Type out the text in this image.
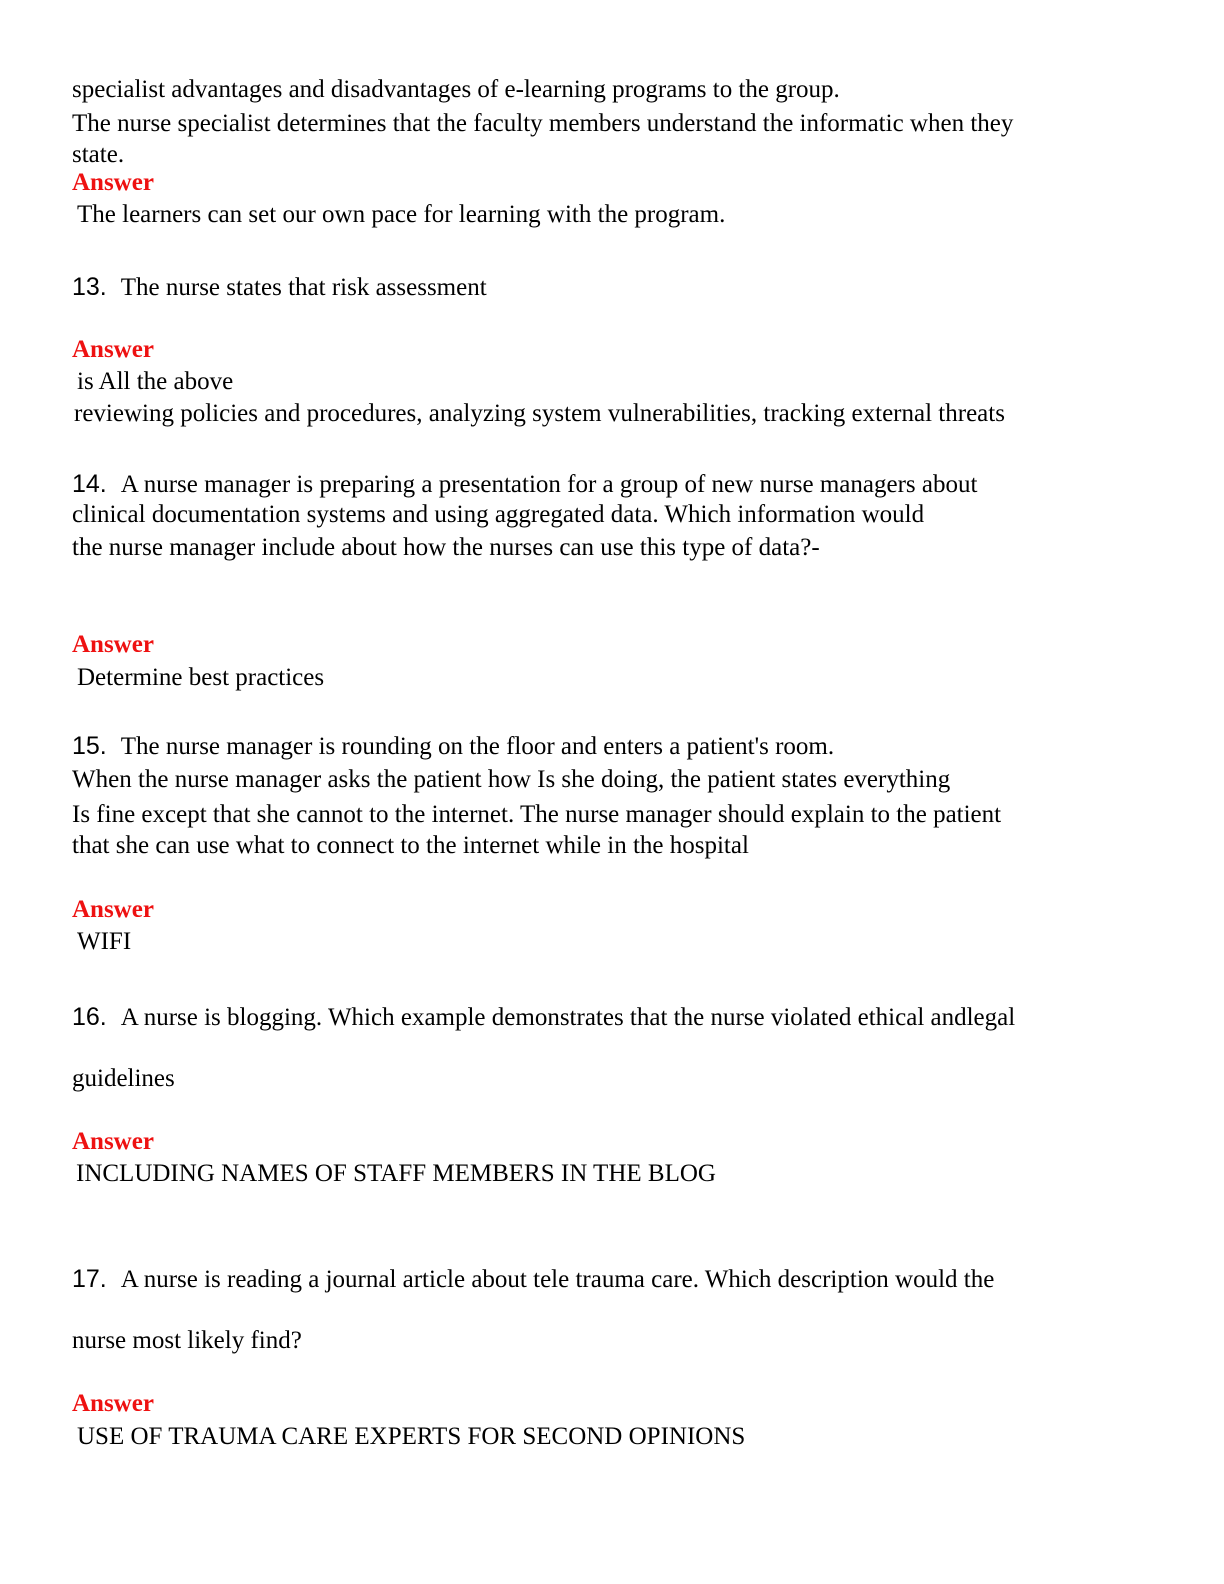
specialist advantages and disadvantages of e-learning programs to the group.
The nurse specialist determines that the faculty members understand the informatic when they
state.
Answer
The learners can set our own pace for learning with the program.
13. The nurse states that risk assessment
Answer
is All the above
reviewing policies and procedures, analyzing system vulnerabilities, tracking external threats
14. A nurse manager is preparing a presentation for a group of new nurse managers about
clinical documentation systems and using aggregated data. Which information would
the nurse manager include about how the nurses can use this type of data?-
Answer
Determine best practices
15. The nurse manager is rounding on the floor and enters a patient's room.
When the nurse manager asks the patient how Is she doing, the patient states everything
Is fine except that she cannot to the internet. The nurse manager should explain to the patient
that she can use what to connect to the internet while in the hospital
Answer
WIFI
16. A nurse is blogging. Which example demonstrates that the nurse violated ethical andlegal
guidelines
Answer
INCLUDING NAMES OF STAFF MEMBERS IN THE BLOG
17. A nurse is reading a journal article about tele trauma care. Which description would the
nurse most likely find?
Answer
USE OF TRAUMA CARE EXPERTS FOR SECOND OPINIONS
